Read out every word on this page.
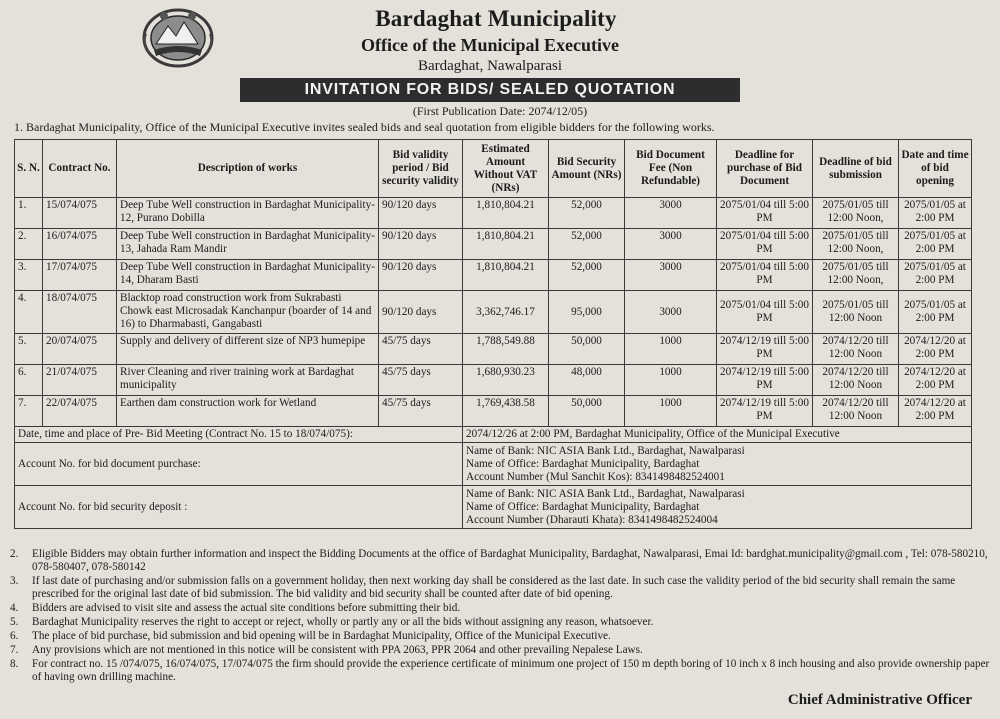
Bardaghat Municipality
Office of the Municipal Executive
Bardaghat, Nawalparasi
INVITATION FOR BIDS/ SEALED QUOTATION
(First Publication Date: 2074/12/05)
1. Bardaghat Municipality, Office of the Municipal Executive invites sealed bids and seal quotation from eligible bidders for the following works.
S. N.	Contract No.	Description of works	Bid validity period / Bid security validity	Estimated Amount Without VAT (NRs)	Bid Security Amount (NRs)	Bid Document Fee (Non Refundable)	Deadline for purchase of Bid Document	Deadline of bid submission	Date and time of bid opening
1.	15/074/075	Deep Tube Well construction in Bardaghat Municipality-12, Purano Dobilla	90/120 days	1,810,804.21	52,000	3000	2075/01/04 till 5:00 PM	2075/01/05 till 12:00 Noon,	2075/01/05 at 2:00 PM
2.	16/074/075	Deep Tube Well construction in Bardaghat Municipality-13, Jahada Ram Mandir	90/120 days	1,810,804.21	52,000	3000	2075/01/04 till 5:00 PM	2075/01/05 till 12:00 Noon,	2075/01/05 at 2:00 PM
3.	17/074/075	Deep Tube Well construction in Bardaghat Municipality-14, Dharam Basti	90/120 days	1,810,804.21	52,000	3000	2075/01/04 till 5:00 PM	2075/01/05 till 12:00 Noon,	2075/01/05 at 2:00 PM
4.	18/074/075	Blacktop road construction work from Sukrabasti Chowk east Microsadak Kanchanpur (boarder of 14 and 16) to Dharmabasti, Gangabasti	90/120 days	3,362,746.17	95,000	3000	2075/01/04 till 5:00 PM	2075/01/05 till 12:00 Noon	2075/01/05 at 2:00 PM
5.	20/074/075	Supply and delivery of different size of NP3 humepipe	45/75 days	1,788,549.88	50,000	1000	2074/12/19 till 5:00 PM	2074/12/20 till 12:00 Noon	2074/12/20 at 2:00 PM
6.	21/074/075	River Cleaning and river training work at Bardaghat municipality	45/75 days	1,680,930.23	48,000	1000	2074/12/19 till 5:00 PM	2074/12/20 till 12:00 Noon	2074/12/20 at 2:00 PM
7.	22/074/075	Earthen dam construction work for Wetland	45/75 days	1,769,438.58	50,000	1000	2074/12/19 till 5:00 PM	2074/12/20 till 12:00 Noon	2074/12/20 at 2:00 PM
Date, time and place of Pre- Bid Meeting (Contract No. 15 to 18/074/075):				2074/12/26 at 2:00 PM, Bardaghat Municipality, Office of the Municipal Executive					
Account No. for bid document purchase:				Name of Bank: NIC ASIA Bank Ltd., Bardaghat, Nawalparasi
Name of Office: Bardaghat Municipality, Bardaghat
Account Number (Mul Sanchit Kos): 8341498482524001					

Account No. for bid security deposit :				Name of Bank: NIC ASIA Bank Ltd., Bardaghat, Nawalparasi
Name of Office: Bardaghat Municipality, Bardaghat
Account Number (Dharauti Khata): 8341498482524004					
2.	Eligible Bidders may obtain further information and inspect the Bidding Documents at the office of Bardaghat Municipality, Bardaghat, Nawalparasi, Emai Id: bardghat.municipality@gmail.com , Tel: 078-580210, 078-580407, 078-580142
3.	If last date of purchasing and/or submission falls on a government holiday, then next working day shall be considered as the last date. In such case the validity period of the bid security shall remain the same prescribed for the original last date of bid submission. The bid validity and bid security shall be counted after date of bid opening.
4.	Bidders are advised to visit site and assess the actual site conditions before submitting their bid.
5.	Bardaghat Municipality reserves the right to accept or reject, wholly or partly any or all the bids without assigning any reason, whatsoever.
6.	The place of bid purchase, bid submission and bid opening will be in Bardaghat Municipality, Office of the Municipal Executive.
7.	Any provisions which are not mentioned in this notice will be consistent with PPA 2063, PPR 2064 and other prevailing Nepalese Laws.
8.	For contract no. 15 /074/075, 16/074/075, 17/074/075 the firm should provide the experience certificate of minimum one project of 150 m depth boring of 10 inch x 8 inch housing and also provide ownership paper of having own drilling machine.
Chief Administrative Officer
